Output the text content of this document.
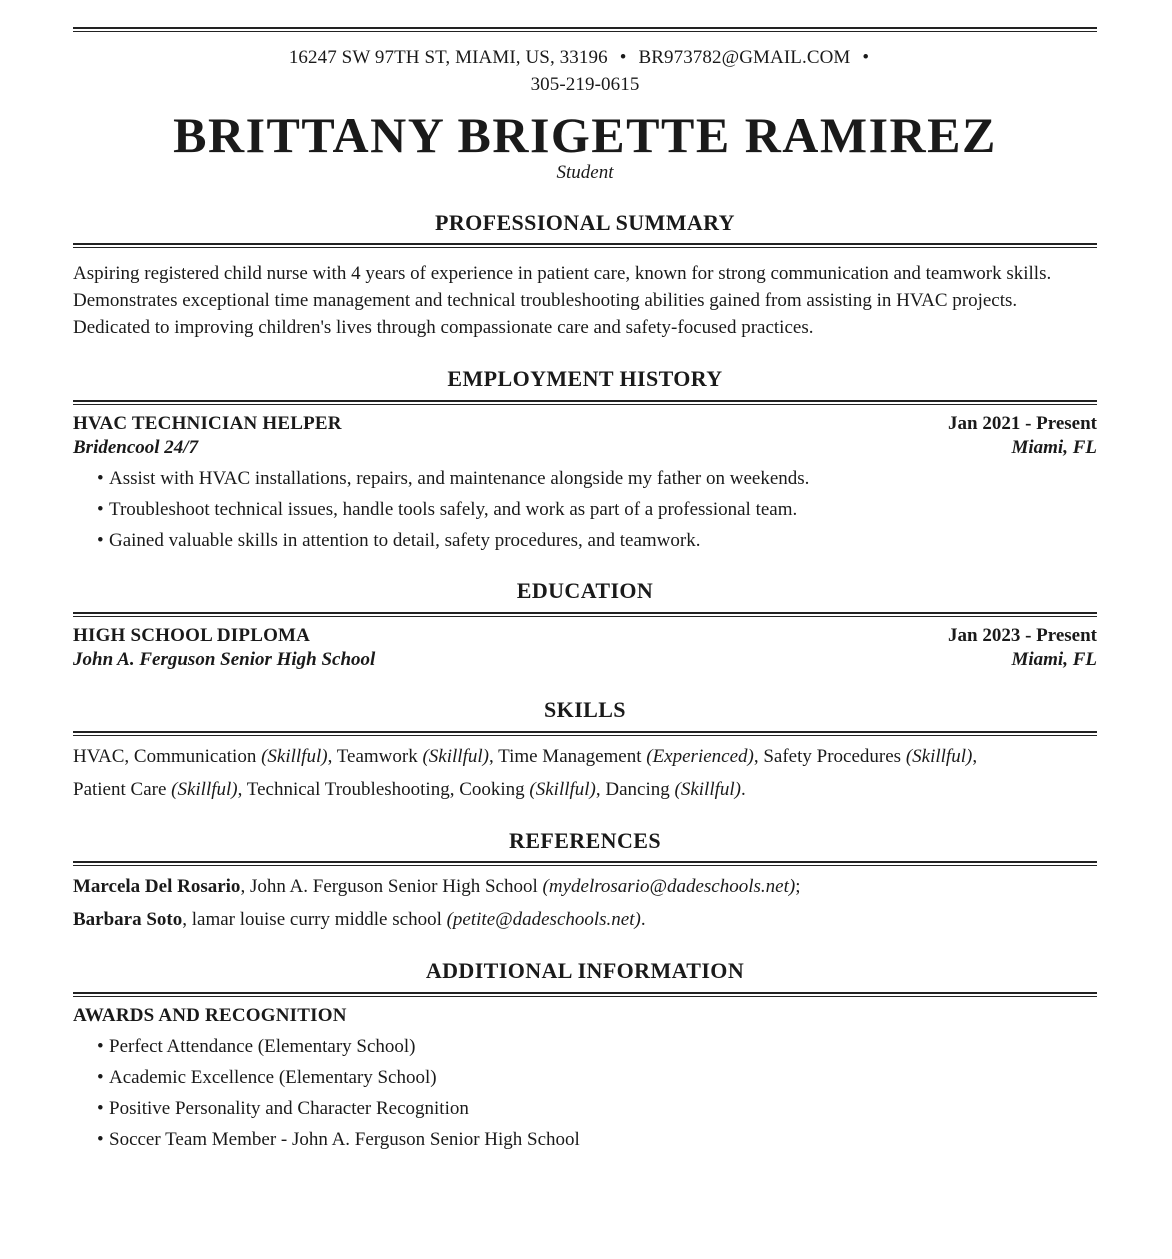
16247 SW 97TH ST, MIAMI, US, 33196 • BR973782@GMAIL.COM •
305-219-0615
BRITTANY BRIGETTE RAMIREZ
Student
PROFESSIONAL SUMMARY
Aspiring registered child nurse with 4 years of experience in patient care, known for strong communication and teamwork skills.
Demonstrates exceptional time management and technical troubleshooting abilities gained from assisting in HVAC projects.
Dedicated to improving children's lives through compassionate care and safety-focused practices.
EMPLOYMENT HISTORY
HVAC TECHNICIAN HELPER	Jan 2021 - Present
Bridencool 24/7	Miami, FL
• Assist with HVAC installations, repairs, and maintenance alongside my father on weekends.
• Troubleshoot technical issues, handle tools safely, and work as part of a professional team.
• Gained valuable skills in attention to detail, safety procedures, and teamwork.
EDUCATION
HIGH SCHOOL DIPLOMA	Jan 2023 - Present
John A. Ferguson Senior High School	Miami, FL
SKILLS
HVAC, Communication (Skillful), Teamwork (Skillful), Time Management (Experienced), Safety Procedures (Skillful),
Patient Care (Skillful), Technical Troubleshooting, Cooking (Skillful), Dancing (Skillful).
REFERENCES
Marcela Del Rosario, John A. Ferguson Senior High School (mydelrosario@dadeschools.net);
Barbara Soto, lamar louise curry middle school (petite@dadeschools.net).
ADDITIONAL INFORMATION
AWARDS AND RECOGNITION
• Perfect Attendance (Elementary School)
• Academic Excellence (Elementary School)
• Positive Personality and Character Recognition
• Soccer Team Member - John A. Ferguson Senior High School
